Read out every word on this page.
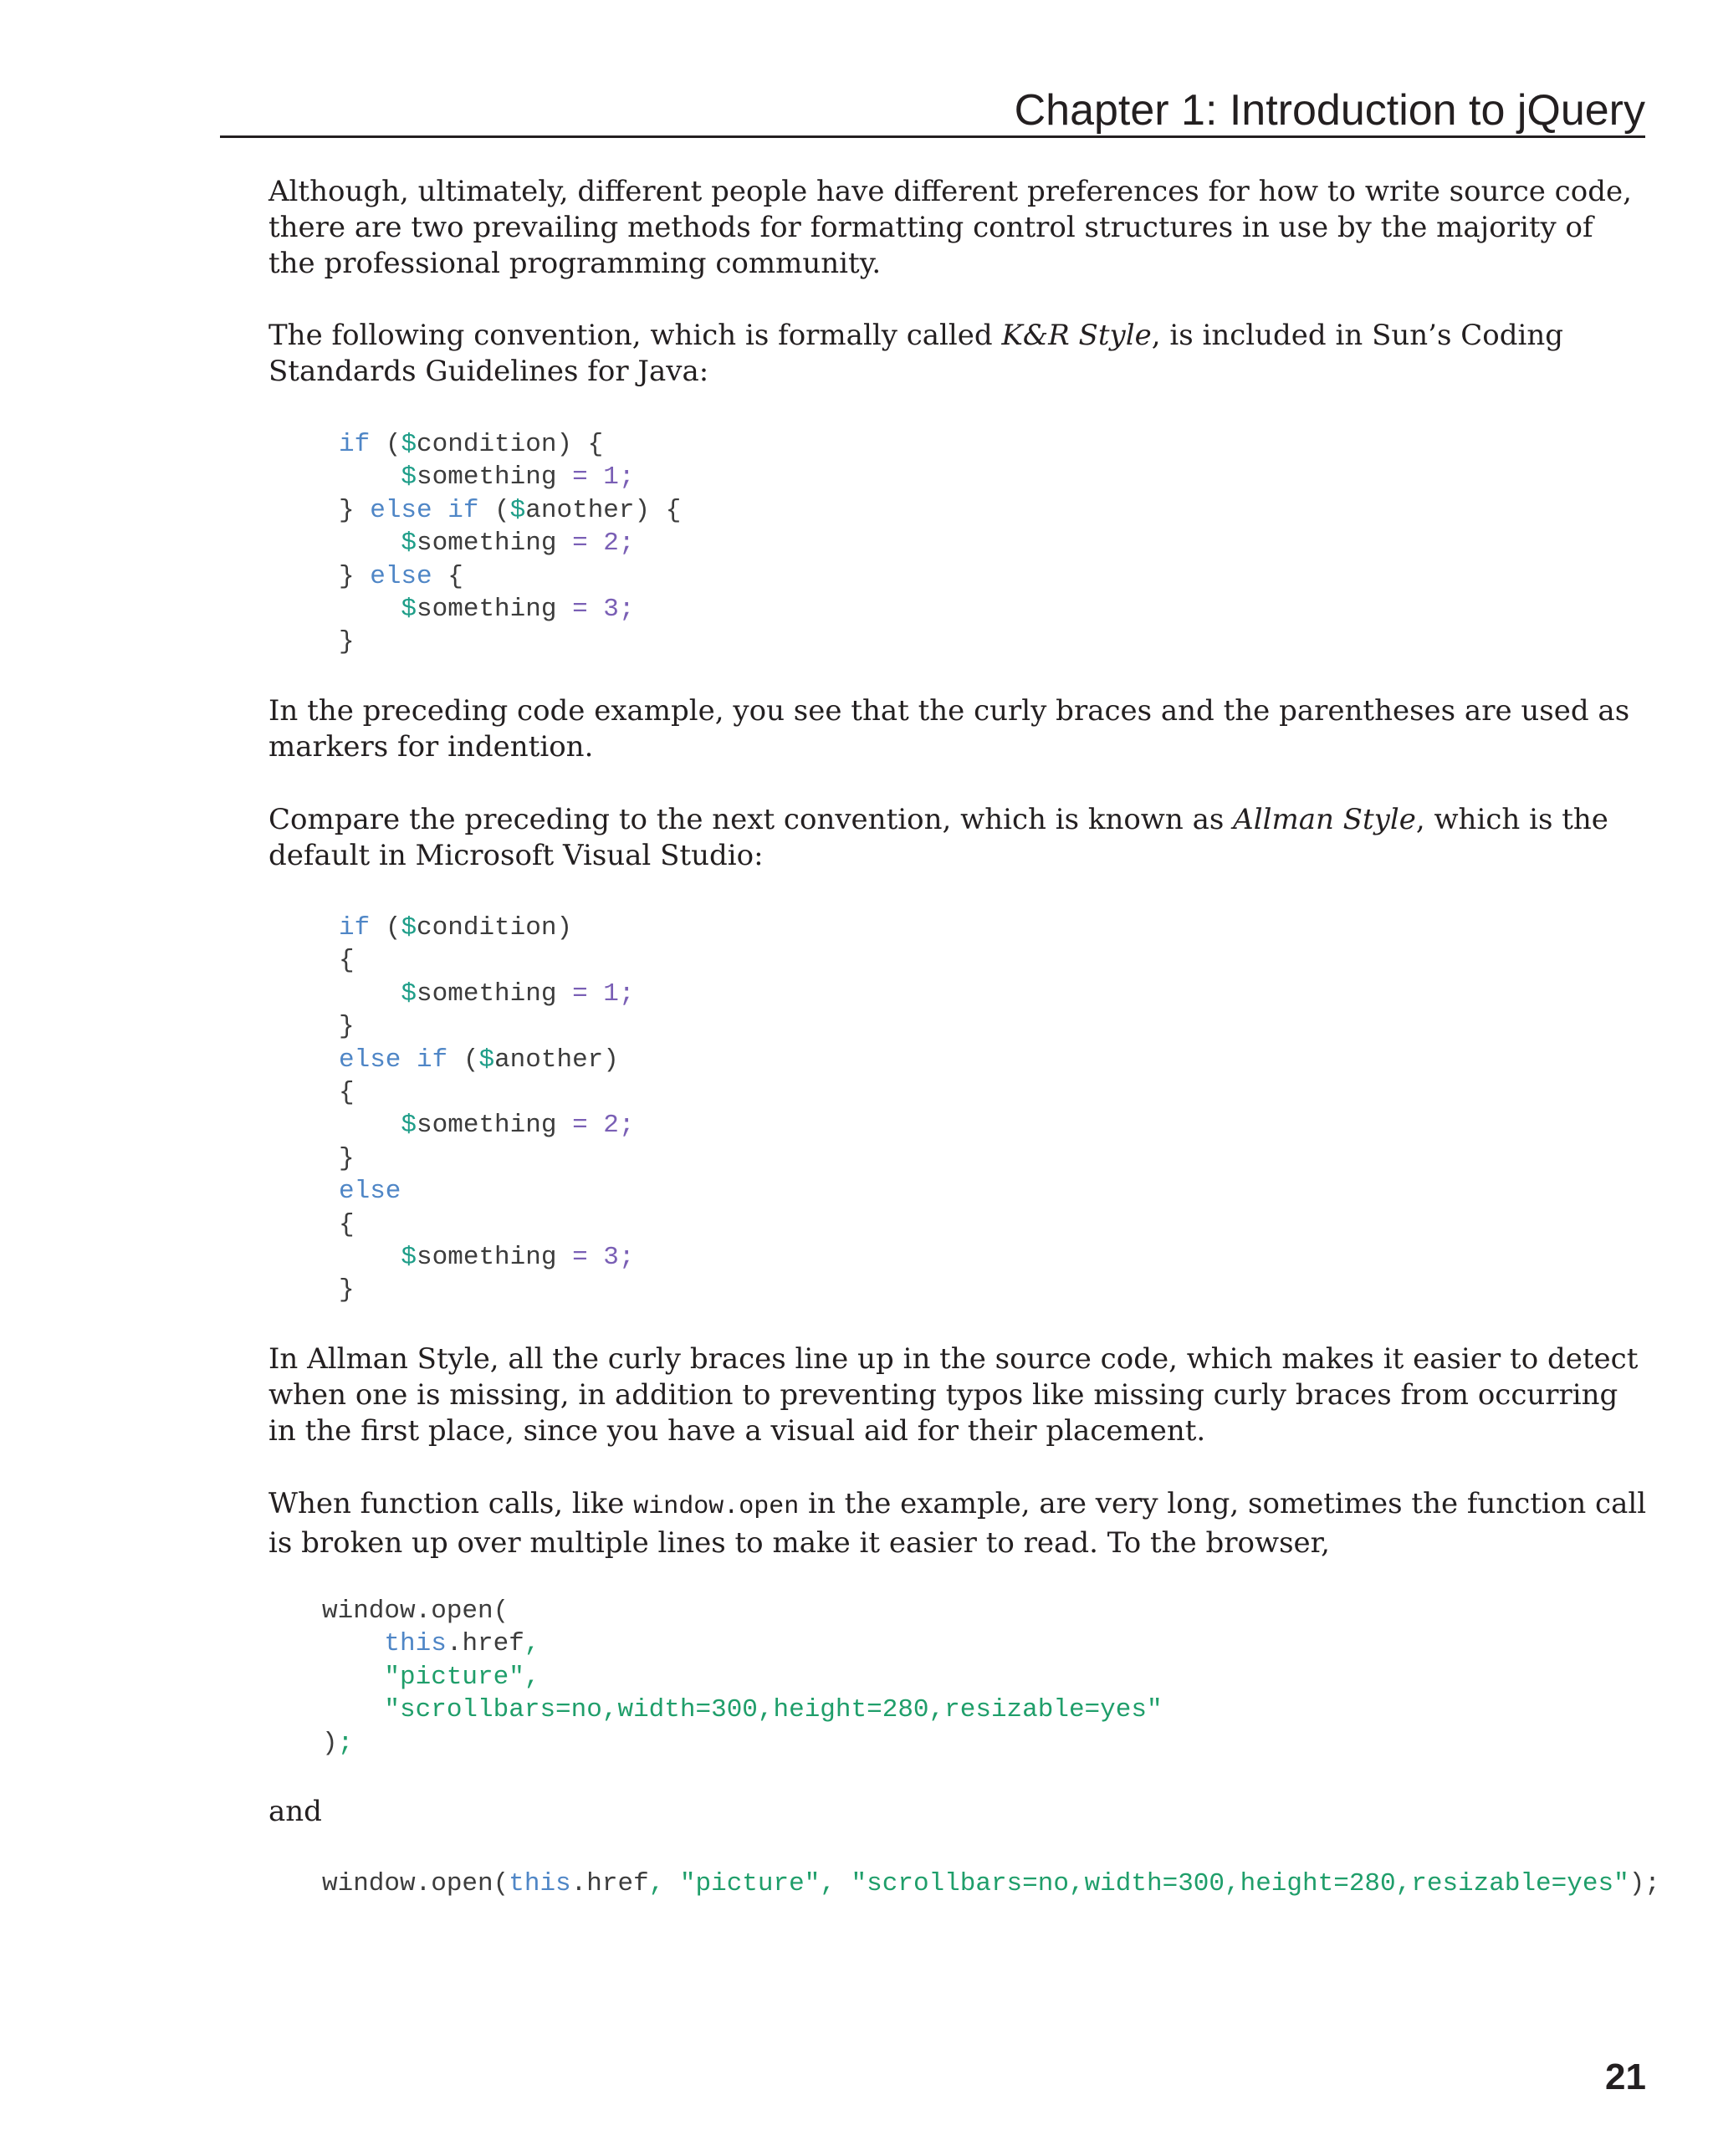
Chapter 1: Introduction to jQuery
Although, ultimately, different people have different preferences for how to write source code, there are two prevailing methods for formatting control structures in use by the majority of the professional programming community.
The following convention, which is formally called K&R Style, is included in Sun’s Coding Standards Guidelines for Java:
if ($condition) {
$something = 1;
} else if ($another) {
$something = 2;
} else {
$something = 3;
}
In the preceding code example, you see that the curly braces and the parentheses are used as markers for indention.
Compare the preceding to the next convention, which is known as Allman Style, which is the default in Microsoft Visual Studio:
if ($condition)
{
$something = 1;
}
else if ($another)
{
$something = 2;
}
else
{
$something = 3;
}
In Allman Style, all the curly braces line up in the source code, which makes it easier to detect when one is missing, in addition to preventing typos like missing curly braces from occurring in the first place, since you have a visual aid for their placement.
When function calls, like window.open in the example, are very long, sometimes the function call is broken up over multiple lines to make it easier to read. To the browser,
window.open(
this.href,
"picture",
"scrollbars=no,width=300,height=280,resizable=yes"
);
and
window.open(this.href, "picture", "scrollbars=no,width=300,height=280,resizable=yes");
21
